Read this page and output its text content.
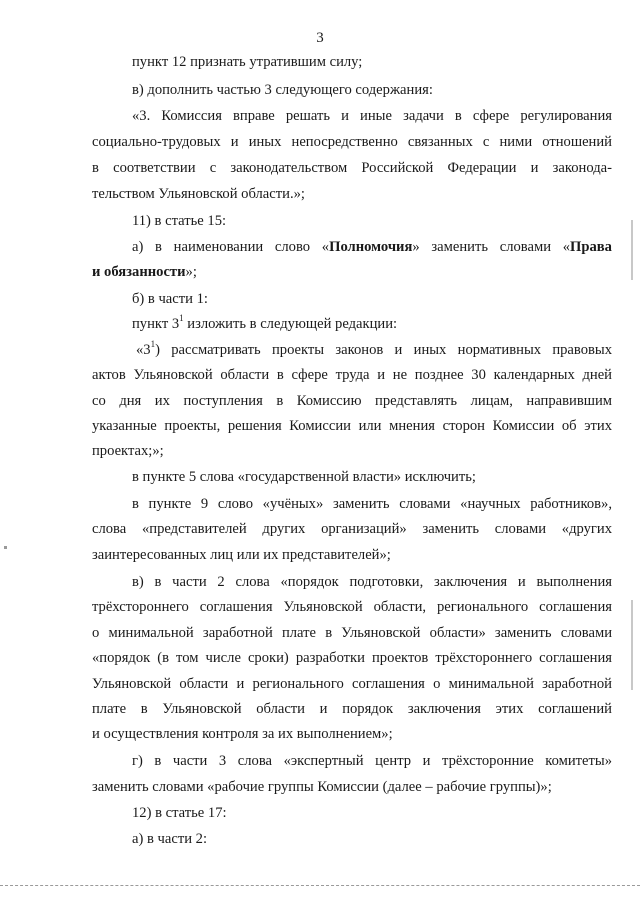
3
пункт 12 признать утратившим силу;
в) дополнить частью 3 следующего содержания:
«3. Комиссия вправе решать и иные задачи в сфере регулирования
социально-трудовых и иных непосредственно связанных с ними отношений
в соответствии с законодательством Российской Федерации и законода-
тельством Ульяновской области.»;
11) в статье 15:
а) в наименовании слово «Полномочия» заменить словами «Права
и обязанности»;
б) в части 1:
пункт $3^1$ изложить в следующей редакции:
«$3^1$) рассматривать проекты законов и иных нормативных правовых
актов Ульяновской области в сфере труда и не позднее 30 календарных дней
со дня их поступления в Комиссию представлять лицам, направившим
указанные проекты, решения Комиссии или мнения сторон Комиссии об этих
проектах;»;
в пункте 5 слова «государственной власти» исключить;
в пункте 9 слово «учёных» заменить словами «научных работников»,
слова «представителей других организаций» заменить словами «других
заинтересованных лиц или их представителей»;
в) в части 2 слова «порядок подготовки, заключения и выполнения
трёхстороннего соглашения Ульяновской области, регионального соглашения
о минимальной заработной плате в Ульяновской области» заменить словами
«порядок (в том числе сроки) разработки проектов трёхстороннего соглашения
Ульяновской области и регионального соглашения о минимальной заработной
плате в Ульяновской области и порядок заключения этих соглашений
и осуществления контроля за их выполнением»;
г) в части 3 слова «экспертный центр и трёхсторонние комитеты»
заменить словами «рабочие группы Комиссии (далее – рабочие группы)»;
12) в статье 17:
а) в части 2:
